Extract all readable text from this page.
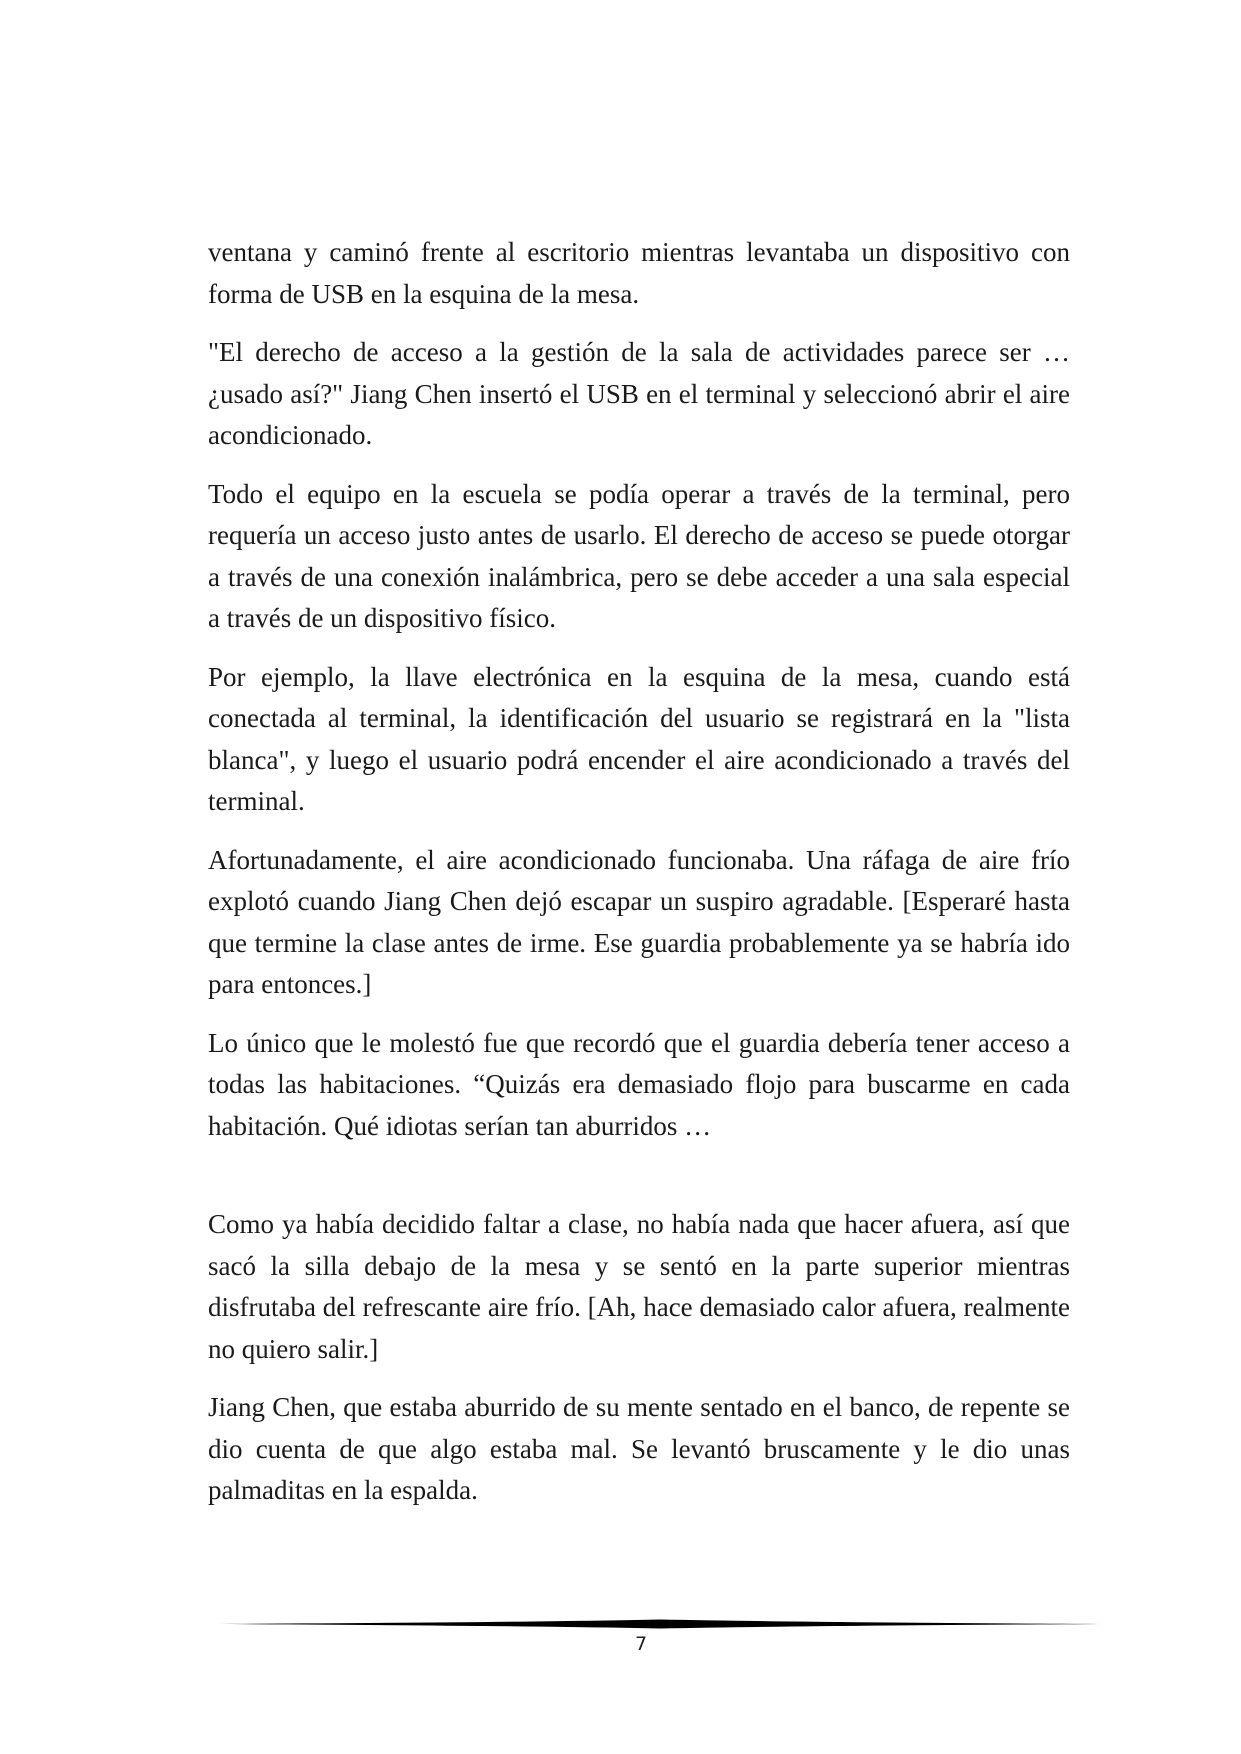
ventana y caminó frente al escritorio mientras levantaba un dispositivo con forma de USB en la esquina de la mesa.

"El derecho de acceso a la gestión de la sala de actividades parece ser … ¿usado así?" Jiang Chen insertó el USB en el terminal y seleccionó abrir el aire acondicionado.

Todo el equipo en la escuela se podía operar a través de la terminal, pero requería un acceso justo antes de usarlo. El derecho de acceso se puede otorgar a través de una conexión inalámbrica, pero se debe acceder a una sala especial a través de un dispositivo físico.

Por ejemplo, la llave electrónica en la esquina de la mesa, cuando está conectada al terminal, la identificación del usuario se registrará en la "lista blanca", y luego el usuario podrá encender el aire acondicionado a través del terminal.

Afortunadamente, el aire acondicionado funcionaba. Una ráfaga de aire frío explotó cuando Jiang Chen dejó escapar un suspiro agradable. [Esperaré hasta que termine la clase antes de irme. Ese guardia probablemente ya se habría ido para entonces.]

Lo único que le molestó fue que recordó que el guardia debería tener acceso a todas las habitaciones. “Quizás era demasiado flojo para buscarme en cada habitación. Qué idiotas serían tan aburridos …

Como ya había decidido faltar a clase, no había nada que hacer afuera, así que sacó la silla debajo de la mesa y se sentó en la parte superior mientras disfrutaba del refrescante aire frío. [Ah, hace demasiado calor afuera, realmente no quiero salir.]

Jiang Chen, que estaba aburrido de su mente sentado en el banco, de repente se dio cuenta de que algo estaba mal. Se levantó bruscamente y le dio unas palmaditas en la espalda.

7
